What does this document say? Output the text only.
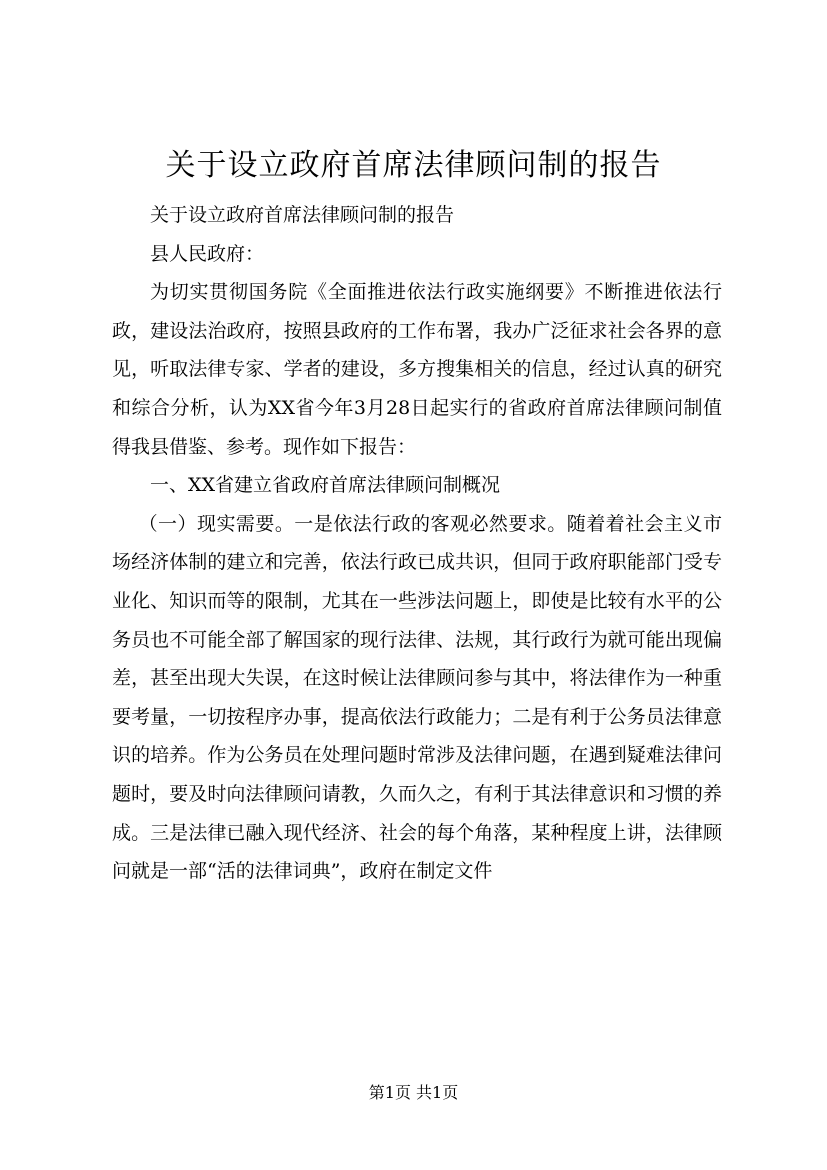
关于设立政府首席法律顾问制的报告

关于设立政府首席法律顾问制的报告

县人民政府：

为切实贯彻国务院《全面推进依法行政实施纲要》不断推进依法行政，建设法治政府，按照县政府的工作布署，我办广泛征求社会各界的意见，听取法律专家、学者的建设，多方搜集相关的信息，经过认真的研究和综合分析，认为XX省今年3月28日起实行的省政府首席法律顾问制值得我县借鉴、参考。现作如下报告：

一、XX省建立省政府首席法律顾问制概况

（一）现实需要。一是依法行政的客观必然要求。随着着社会主义市场经济体制的建立和完善，依法行政已成共识，但同于政府职能部门受专业化、知识而等的限制，尤其在一些涉法问题上，即使是比较有水平的公务员也不可能全部了解国家的现行法律、法规，其行政行为就可能出现偏差，甚至出现大失误，在这时候让法律顾问参与其中，将法律作为一种重要考量，一切按程序办事，提高依法行政能力；二是有利于公务员法律意识的培养。作为公务员在处理问题时常涉及法律问题，在遇到疑难法律问题时，要及时向法律顾问请教，久而久之，有利于其法律意识和习惯的养成。三是法律已融入现代经济、社会的每个角落，某种程度上讲，法律顾问就是一部“活的法律词典”，政府在制定文件

第1页 共1页
